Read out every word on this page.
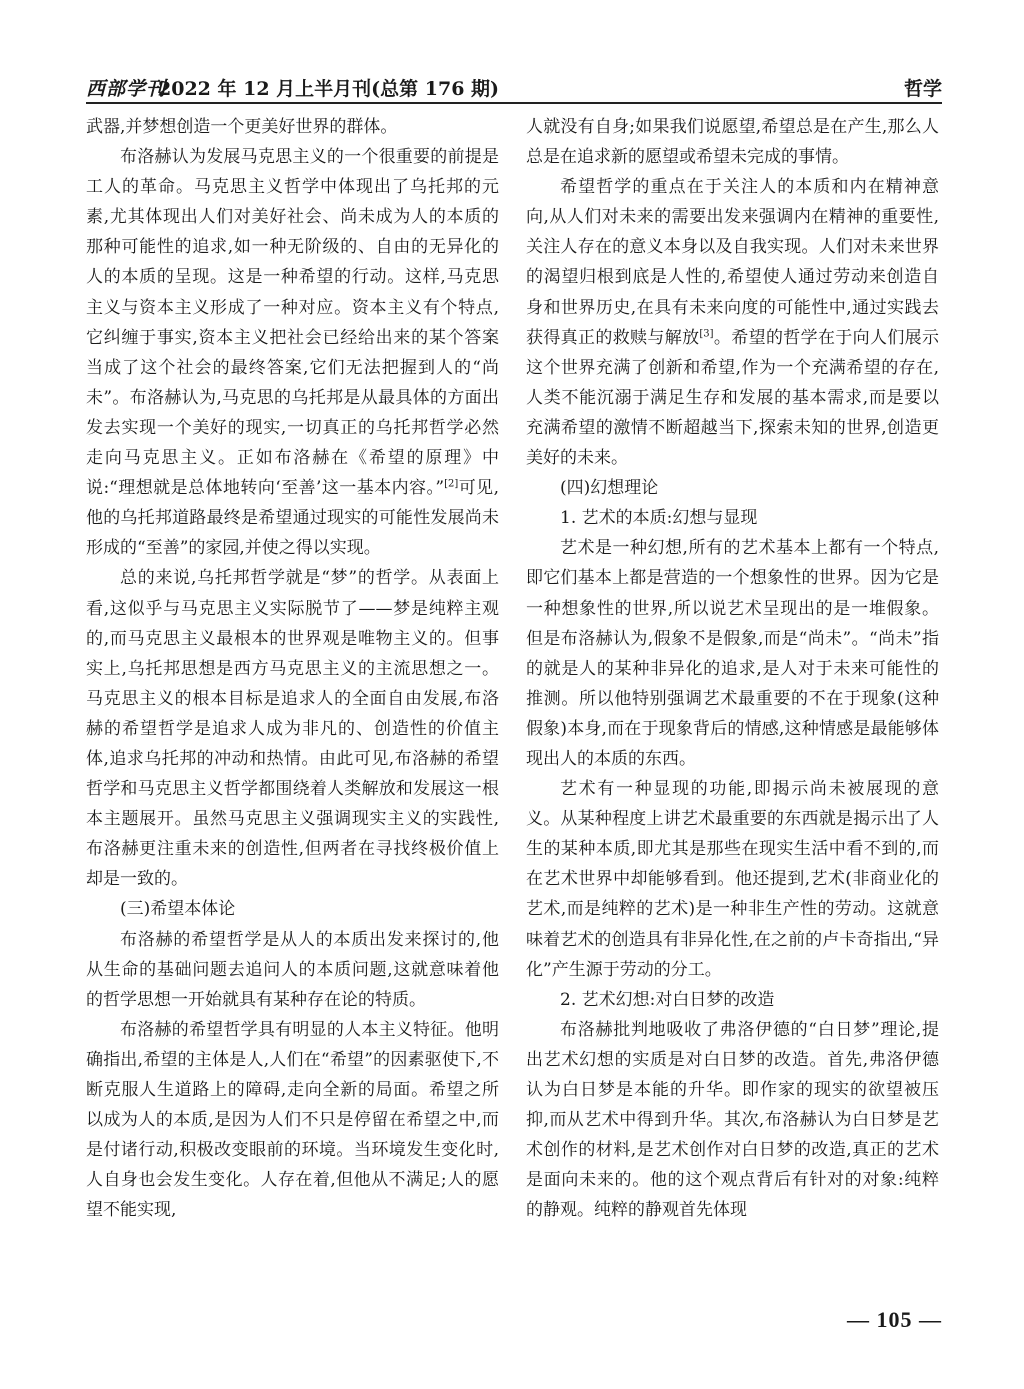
西部学刊
2022 年 12 月上半月刊(总第 176 期)	哲学

武器,并梦想创造一个更美好世界的群体。

布洛赫认为发展马克思主义的一个很重要的前提是工人的革命。马克思主义哲学中体现出了乌托邦的元素,尤其体现出人们对美好社会、尚未成为人的本质的那种可能性的追求,如一种无阶级的、自由的无异化的人的本质的呈现。这是一种希望的行动。这样,马克思主义与资本主义形成了一种对应。资本主义有个特点,它纠缠于事实,资本主义把社会已经给出来的某个答案当成了这个社会的最终答案,它们无法把握到人的“尚未”。布洛赫认为,马克思的乌托邦是从最具体的方面出发去实现一个美好的现实,一切真正的乌托邦哲学必然走向马克思主义。正如布洛赫在《希望的原理》中说:“理想就是总体地转向‘至善’这一基本内容。”[2]可见,他的乌托邦道路最终是希望通过现实的可能性发展尚未形成的“至善”的家园,并使之得以实现。

总的来说,乌托邦哲学就是“梦”的哲学。从表面上看,这似乎与马克思主义实际脱节了——梦是纯粹主观的,而马克思主义最根本的世界观是唯物主义的。但事实上,乌托邦思想是西方马克思主义的主流思想之一。马克思主义的根本目标是追求人的全面自由发展,布洛赫的希望哲学是追求人成为非凡的、创造性的价值主体,追求乌托邦的冲动和热情。由此可见,布洛赫的希望哲学和马克思主义哲学都围绕着人类解放和发展这一根本主题展开。虽然马克思主义强调现实主义的实践性,布洛赫更注重未来的创造性,但两者在寻找终极价值上却是一致的。

(三)希望本体论

布洛赫的希望哲学是从人的本质出发来探讨的,他从生命的基础问题去追问人的本质问题,这就意味着他的哲学思想一开始就具有某种存在论的特质。

布洛赫的希望哲学具有明显的人本主义特征。他明确指出,希望的主体是人,人们在“希望”的因素驱使下,不断克服人生道路上的障碍,走向全新的局面。希望之所以成为人的本质,是因为人们不只是停留在希望之中,而是付诸行动,积极改变眼前的环境。当环境发生变化时,人自身也会发生变化。人存在着,但他从不满足;人的愿望不能实现,

人就没有自身;如果我们说愿望,希望总是在产生,那么人总是在追求新的愿望或希望未完成的事情。

希望哲学的重点在于关注人的本质和内在精神意向,从人们对未来的需要出发来强调内在精神的重要性,关注人存在的意义本身以及自我实现。人们对未来世界的渴望归根到底是人性的,希望使人通过劳动来创造自身和世界历史,在具有未来向度的可能性中,通过实践去获得真正的救赎与解放[3]。希望的哲学在于向人们展示这个世界充满了创新和希望,作为一个充满希望的存在,人类不能沉溺于满足生存和发展的基本需求,而是要以充满希望的激情不断超越当下,探索未知的世界,创造更美好的未来。

(四)幻想理论

1. 艺术的本质:幻想与显现

艺术是一种幻想,所有的艺术基本上都有一个特点,即它们基本上都是营造的一个想象性的世界。因为它是一种想象性的世界,所以说艺术呈现出的是一堆假象。但是布洛赫认为,假象不是假象,而是“尚未”。“尚未”指的就是人的某种非异化的追求,是人对于未来可能性的推测。所以他特别强调艺术最重要的不在于现象(这种假象)本身,而在于现象背后的情感,这种情感是最能够体现出人的本质的东西。

艺术有一种显现的功能,即揭示尚未被展现的意义。从某种程度上讲艺术最重要的东西就是揭示出了人生的某种本质,即尤其是那些在现实生活中看不到的,而在艺术世界中却能够看到。他还提到,艺术(非商业化的艺术,而是纯粹的艺术)是一种非生产性的劳动。这就意味着艺术的创造具有非异化性,在之前的卢卡奇指出,“异化”产生源于劳动的分工。

2. 艺术幻想:对白日梦的改造

布洛赫批判地吸收了弗洛伊德的“白日梦”理论,提出艺术幻想的实质是对白日梦的改造。首先,弗洛伊德认为白日梦是本能的升华。即作家的现实的欲望被压抑,而从艺术中得到升华。其次,布洛赫认为白日梦是艺术创作的材料,是艺术创作对白日梦的改造,真正的艺术是面向未来的。他的这个观点背后有针对的对象:纯粹的静观。纯粹的静观首先体现

— 105 —
